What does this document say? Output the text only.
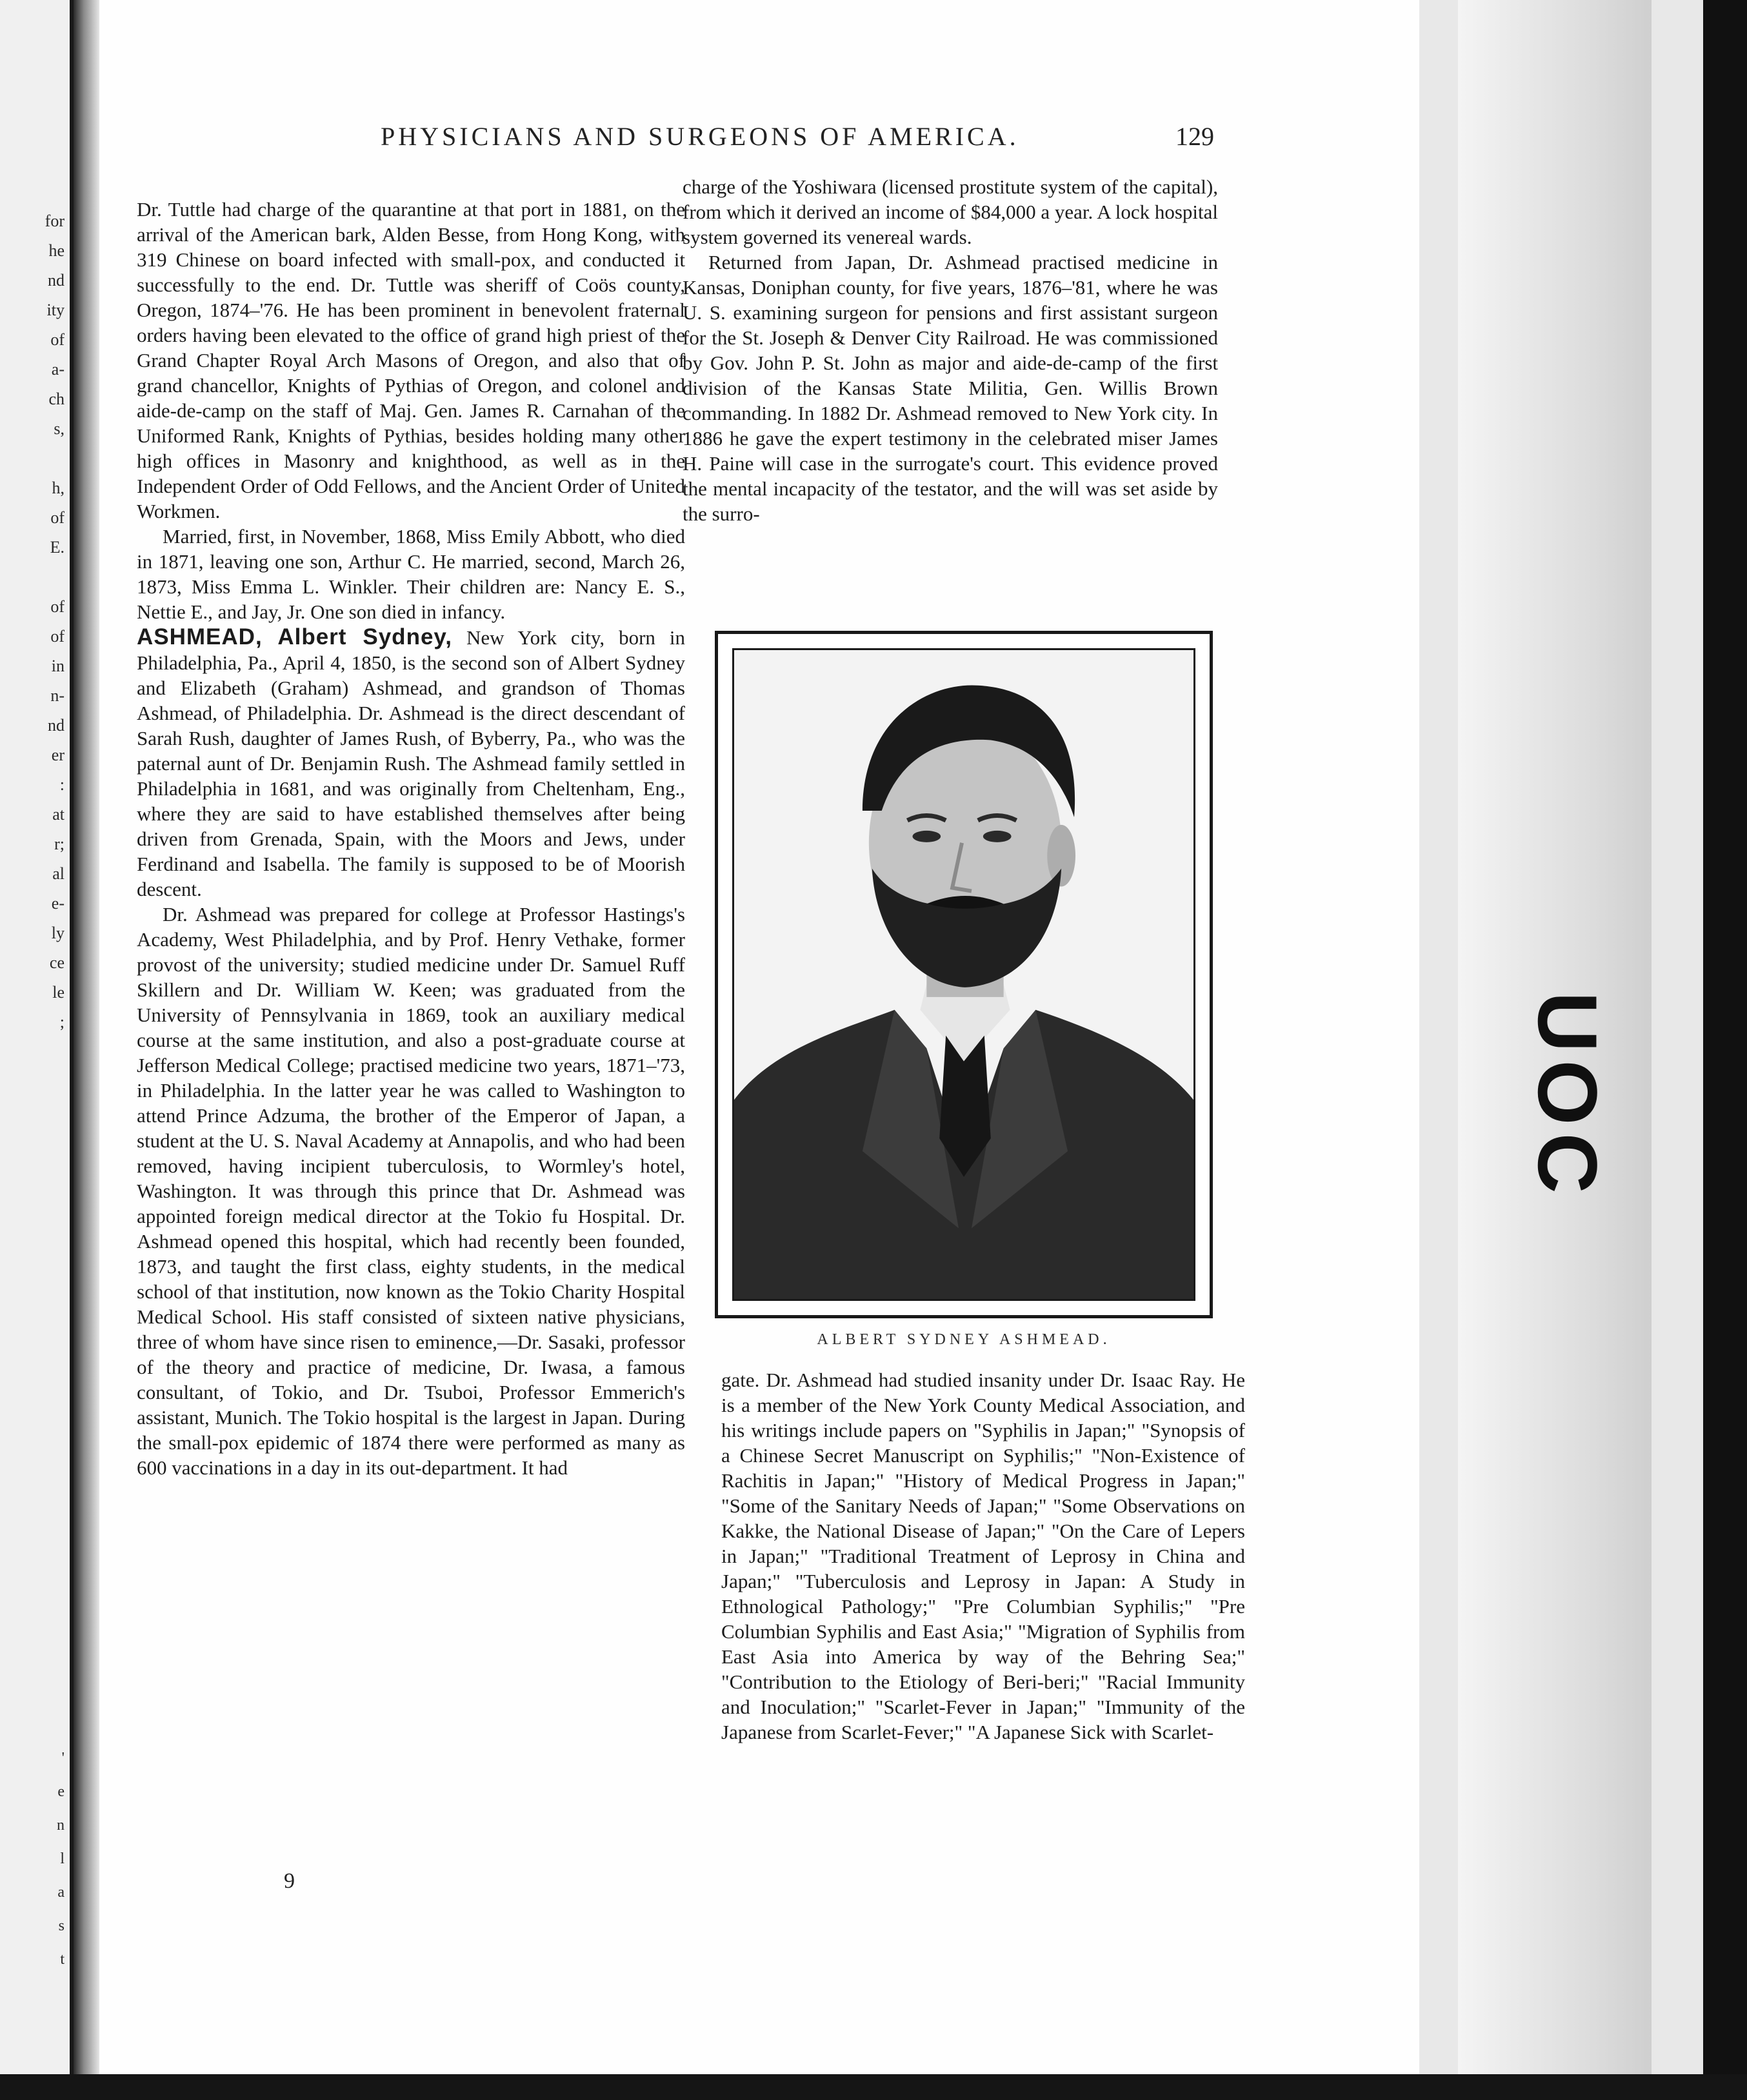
for
he
nd
ity
of
a-
ch
s,
h,
of
E.
of
of
in
n-
nd
er
:
at
r;
al
e-
ly
ce
le
;
'
e
n
l
a
s
t
UOC
PHYSICIANS AND SURGEONS OF AMERICA.	129

Dr. Tuttle had charge of the quarantine at that port in 1881, on the arrival of the American bark, Alden Besse, from Hong Kong, with 319 Chinese on board infected with small-pox, and conducted it successfully to the end. Dr. Tuttle was sheriff of Coös county, Oregon, 1874–'76. He has been prominent in benevolent fraternal orders having been elevated to the office of grand high priest of the Grand Chapter Royal Arch Masons of Oregon, and also that of grand chancellor, Knights of Pythias of Oregon, and colonel and aide-de-camp on the staff of Maj. Gen. James R. Carnahan of the Uniformed Rank, Knights of Pythias, besides holding many other high offices in Masonry and knighthood, as well as in the Independent Order of Odd Fellows, and the Ancient Order of United Workmen.

Married, first, in November, 1868, Miss Emily Abbott, who died in 1871, leaving one son, Arthur C. He married, second, March 26, 1873, Miss Emma L. Winkler. Their children are: Nancy E. S., Nettie E., and Jay, Jr. One son died in infancy.

ASHMEAD, Albert Sydney, New York city, born in Philadelphia, Pa., April 4, 1850, is the second son of Albert Sydney and Elizabeth (Graham) Ashmead, and grandson of Thomas Ashmead, of Philadelphia. Dr. Ashmead is the direct descendant of Sarah Rush, daughter of James Rush, of Byberry, Pa., who was the paternal aunt of Dr. Benjamin Rush. The Ashmead family settled in Philadelphia in 1681, and was originally from Cheltenham, Eng., where they are said to have established themselves after being driven from Grenada, Spain, with the Moors and Jews, under Ferdinand and Isabella. The family is supposed to be of Moorish descent.

Dr. Ashmead was prepared for college at Professor Hastings's Academy, West Philadelphia, and by Prof. Henry Vethake, former provost of the university; studied medicine under Dr. Samuel Ruff Skillern and Dr. William W. Keen; was graduated from the University of Pennsylvania in 1869, took an auxiliary medical course at the same institution, and also a post-graduate course at Jefferson Medical College; practised medicine two years, 1871–'73, in Philadelphia. In the latter year he was called to Washington to attend Prince Adzuma, the brother of the Emperor of Japan, a student at the U. S. Naval Academy at Annapolis, and who had been removed, having incipient tuberculosis, to Wormley's hotel, Washington. It was through this prince that Dr. Ashmead was appointed foreign medical director at the Tokio fu Hospital. Dr. Ashmead opened this hospital, which had recently been founded, 1873, and taught the first class, eighty students, in the medical school of that institution, now known as the Tokio Charity Hospital Medical School. His staff consisted of sixteen native physicians, three of whom have since risen to eminence,—Dr. Sasaki, professor of the theory and practice of medicine, Dr. Iwasa, a famous consultant, of Tokio, and Dr. Tsuboi, Professor Emmerich's assistant, Munich. The Tokio hospital is the largest in Japan. During the small-pox epidemic of 1874 there were performed as many as 600 vaccinations in a day in its out-department. It had

charge of the Yoshiwara (licensed prostitute system of the capital), from which it derived an income of $84,000 a year. A lock hospital system governed its venereal wards.

Returned from Japan, Dr. Ashmead practised medicine in Kansas, Doniphan county, for five years, 1876–'81, where he was U. S. examining surgeon for pensions and first assistant surgeon for the St. Joseph & Denver City Railroad. He was commissioned by Gov. John P. St. John as major and aide-de-camp of the first division of the Kansas State Militia, Gen. Willis Brown commanding. In 1882 Dr. Ashmead removed to New York city. In 1886 he gave the expert testimony in the celebrated miser James H. Paine will case in the surrogate's court. This evidence proved the mental incapacity of the testator, and the will was set aside by the surro-

ALBERT SYDNEY ASHMEAD.

gate. Dr. Ashmead had studied insanity under Dr. Isaac Ray. He is a member of the New York County Medical Association, and his writings include papers on "Syphilis in Japan;" "Synopsis of a Chinese Secret Manuscript on Syphilis;" "Non-Existence of Rachitis in Japan;" "History of Medical Progress in Japan;" "Some of the Sanitary Needs of Japan;" "Some Observations on Kakke, the National Disease of Japan;" "On the Care of Lepers in Japan;" "Traditional Treatment of Leprosy in China and Japan;" "Tuberculosis and Leprosy in Japan: A Study in Ethnological Pathology;" "Pre Columbian Syphilis;" "Pre Columbian Syphilis and East Asia;" "Migration of Syphilis from East Asia into America by way of the Behring Sea;" "Contribution to the Etiology of Beri-beri;" "Racial Immunity and Inoculation;" "Scarlet-Fever in Japan;" "Immunity of the Japanese from Scarlet-Fever;" "A Japanese Sick with Scarlet-

9
